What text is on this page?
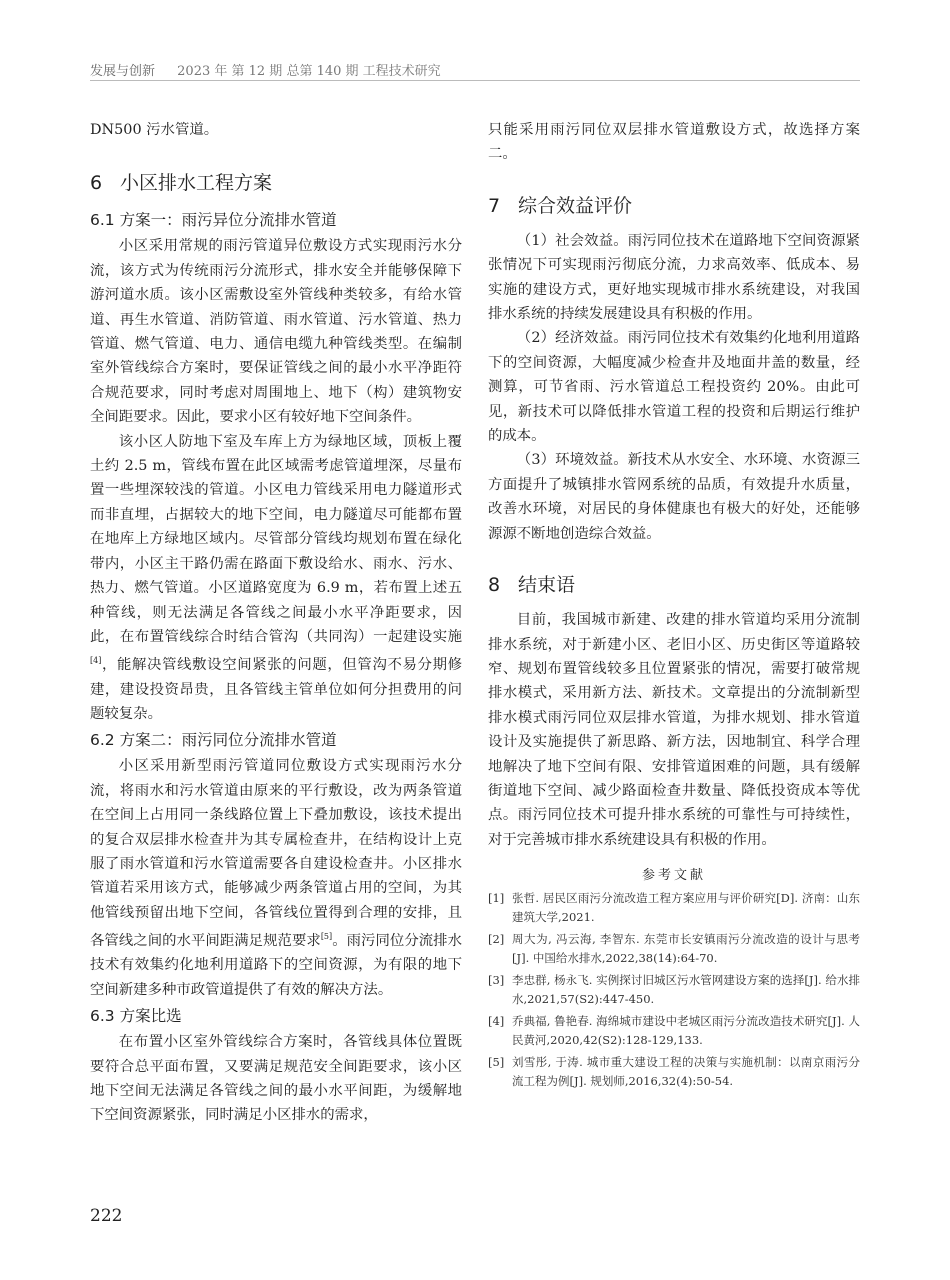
发展与创新 2023 年 第 12 期 总第 140 期 工程技术研究

DN500 污水管道。

6 小区排水工程方案
6.1 方案一：雨污异位分流排水管道

小区采用常规的雨污管道异位敷设方式实现雨污水分流，该方式为传统雨污分流形式，排水安全并能够保障下游河道水质。该小区需敷设室外管线种类较多，有给水管道、再生水管道、消防管道、雨水管道、污水管道、热力管道、燃气管道、电力、通信电缆九种管线类型。在编制室外管线综合方案时，要保证管线之间的最小水平净距符合规范要求，同时考虑对周围地上、地下（构）建筑物安全间距要求。因此，要求小区有较好地下空间条件。

该小区人防地下室及车库上方为绿地区域，顶板上覆土约 2.5 m，管线布置在此区域需考虑管道埋深，尽量布置一些埋深较浅的管道。小区电力管线采用电力隧道形式而非直埋，占据较大的地下空间，电力隧道尽可能都布置在地库上方绿地区域内。尽管部分管线均规划布置在绿化带内，小区主干路仍需在路面下敷设给水、雨水、污水、热力、燃气管道。小区道路宽度为 6.9 m，若布置上述五种管线，则无法满足各管线之间最小水平净距要求，因此，在布置管线综合时结合管沟（共同沟）一起建设实施[4]，能解决管线敷设空间紧张的问题，但管沟不易分期修建，建设投资昂贵，且各管线主管单位如何分担费用的问题较复杂。

6.2 方案二：雨污同位分流排水管道

小区采用新型雨污管道同位敷设方式实现雨污水分流，将雨水和污水管道由原来的平行敷设，改为两条管道在空间上占用同一条线路位置上下叠加敷设，该技术提出的复合双层排水检查井为其专属检查井，在结构设计上克服了雨水管道和污水管道需要各自建设检查井。小区排水管道若采用该方式，能够减少两条管道占用的空间，为其他管线预留出地下空间，各管线位置得到合理的安排，且各管线之间的水平间距满足规范要求[5]。雨污同位分流排水技术有效集约化地利用道路下的空间资源，为有限的地下空间新建多种市政管道提供了有效的解决方法。

6.3 方案比选

在布置小区室外管线综合方案时，各管线具体位置既要符合总平面布置，又要满足规范安全间距要求，该小区地下空间无法满足各管线之间的最小水平间距，为缓解地下空间资源紧张，同时满足小区排水的需求，

只能采用雨污同位双层排水管道敷设方式，故选择方案二。

7 综合效益评价

（1）社会效益。雨污同位技术在道路地下空间资源紧张情况下可实现雨污彻底分流，力求高效率、低成本、易实施的建设方式，更好地实现城市排水系统建设，对我国排水系统的持续发展建设具有积极的作用。

（2）经济效益。雨污同位技术有效集约化地利用道路下的空间资源，大幅度减少检查井及地面井盖的数量，经测算，可节省雨、污水管道总工程投资约 20%。由此可见，新技术可以降低排水管道工程的投资和后期运行维护的成本。

（3）环境效益。新技术从水安全、水环境、水资源三方面提升了城镇排水管网系统的品质，有效提升水质量，改善水环境，对居民的身体健康也有极大的好处，还能够源源不断地创造综合效益。

8 结束语

目前，我国城市新建、改建的排水管道均采用分流制排水系统，对于新建小区、老旧小区、历史街区等道路较窄、规划布置管线较多且位置紧张的情况，需要打破常规排水模式，采用新方法、新技术。文章提出的分流制新型排水模式雨污同位双层排水管道，为排水规划、排水管道设计及实施提供了新思路、新方法，因地制宜、科学合理地解决了地下空间有限、安排管道困难的问题，具有缓解街道地下空间、减少路面检查井数量、降低投资成本等优点。雨污同位技术可提升排水系统的可靠性与可持续性，对于完善城市排水系统建设具有积极的作用。

参考文献
[1] 张哲. 居民区雨污分流改造工程方案应用与评价研究[D]. 济南：山东建筑大学,2021.
[2] 周大为, 冯云海, 李智东. 东莞市长安镇雨污分流改造的设计与思考[J]. 中国给水排水,2022,38(14):64-70.
[3] 李忠群, 杨永飞. 实例探讨旧城区污水管网建设方案的选择[J]. 给水排水,2021,57(S2):447-450.
[4] 乔典福, 鲁艳春. 海绵城市建设中老城区雨污分流改造技术研究[J]. 人民黄河,2020,42(S2):128-129,133.
[5] 刘雪彤, 于涛. 城市重大建设工程的决策与实施机制：以南京雨污分流工程为例[J]. 规划师,2016,32(4):50-54.
222
